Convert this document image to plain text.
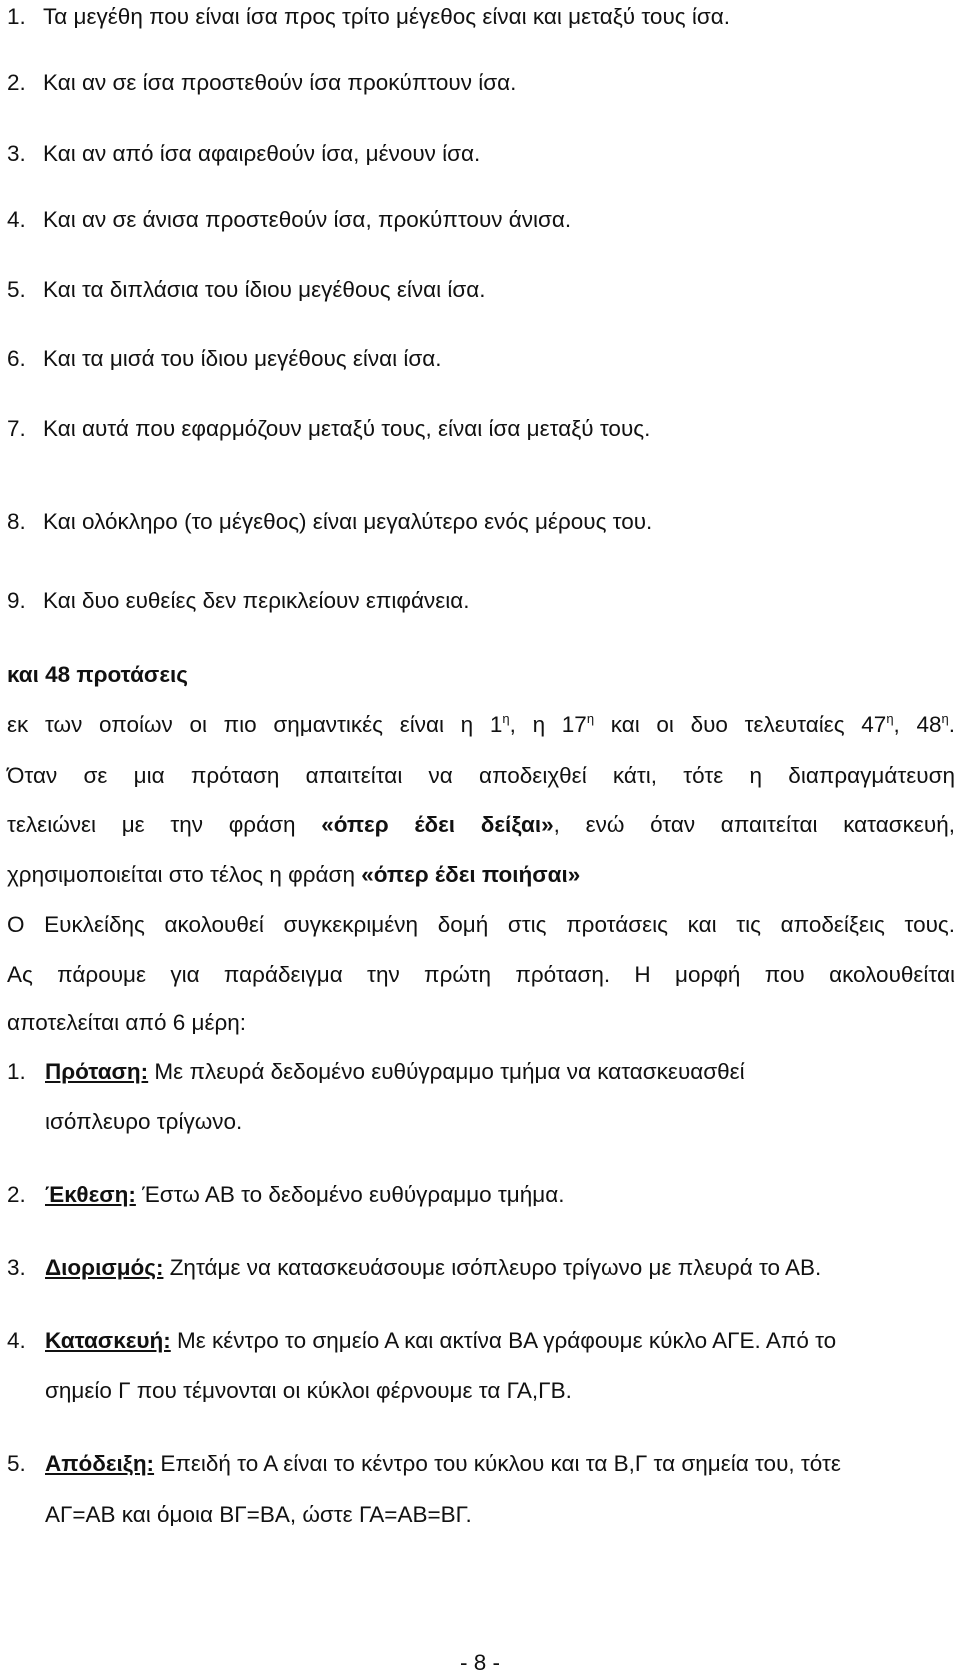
1. Τα μεγέθη που είναι ίσα προς τρίτο μέγεθος είναι και μεταξύ τους ίσα.
2. Και αν σε ίσα προστεθούν ίσα προκύπτουν ίσα.
3. Και αν από ίσα αφαιρεθούν ίσα, μένουν ίσα.
4. Και αν σε άνισα προστεθούν ίσα, προκύπτουν άνισα.
5. Και τα διπλάσια του ίδιου μεγέθους είναι ίσα.
6. Και τα μισά του ίδιου μεγέθους είναι ίσα.
7. Και αυτά που εφαρμόζουν μεταξύ τους, είναι ίσα μεταξύ τους.
8. Και ολόκληρο (το μέγεθος) είναι μεγαλύτερο ενός μέρους του.
9. Και δυο ευθείες δεν περικλείουν επιφάνεια.
και 48 προτάσεις
εκ των οποίων οι πιο σημαντικές είναι η $1^\eta$, η $17^\eta$ και οι δυο τελευταίες $47^\eta$, $48^\eta$.
Όταν σε μια πρόταση απαιτείται να αποδειχθεί κάτι, τότε η διαπραγμάτευση
τελειώνει με την φράση «όπερ έδει δείξαι», ενώ όταν απαιτείται κατασκευή,
χρησιμοποιείται στο τέλος η φράση «όπερ έδει ποιήσαι»
Ο Ευκλείδης ακολουθεί συγκεκριμένη δομή στις προτάσεις και τις αποδείξεις τους.
Ας πάρουμε για παράδειγμα την πρώτη πρόταση. Η μορφή που ακολουθείται
αποτελείται από 6 μέρη:
1. Πρόταση: Με πλευρά δεδομένο ευθύγραμμο τμήμα να κατασκευασθεί
ισόπλευρο τρίγωνο.
2. Έκθεση: Έστω ΑΒ το δεδομένο ευθύγραμμο τμήμα.
3. Διορισμός: Ζητάμε να κατασκευάσουμε ισόπλευρο τρίγωνο με πλευρά το ΑΒ.
4. Κατασκευή: Με κέντρο το σημείο Α και ακτίνα ΒΑ γράφουμε κύκλο ΑΓΕ. Από το
σημείο Γ που τέμνονται οι κύκλοι φέρνουμε τα ΓΑ,ΓΒ.
5. Απόδειξη: Επειδή το Α είναι το κέντρο του κύκλου και τα Β,Γ τα σημεία του, τότε
ΑΓ=ΑΒ και όμοια ΒΓ=ΒΑ, ώστε ΓΑ=ΑΒ=ΒΓ.
- 8 -
